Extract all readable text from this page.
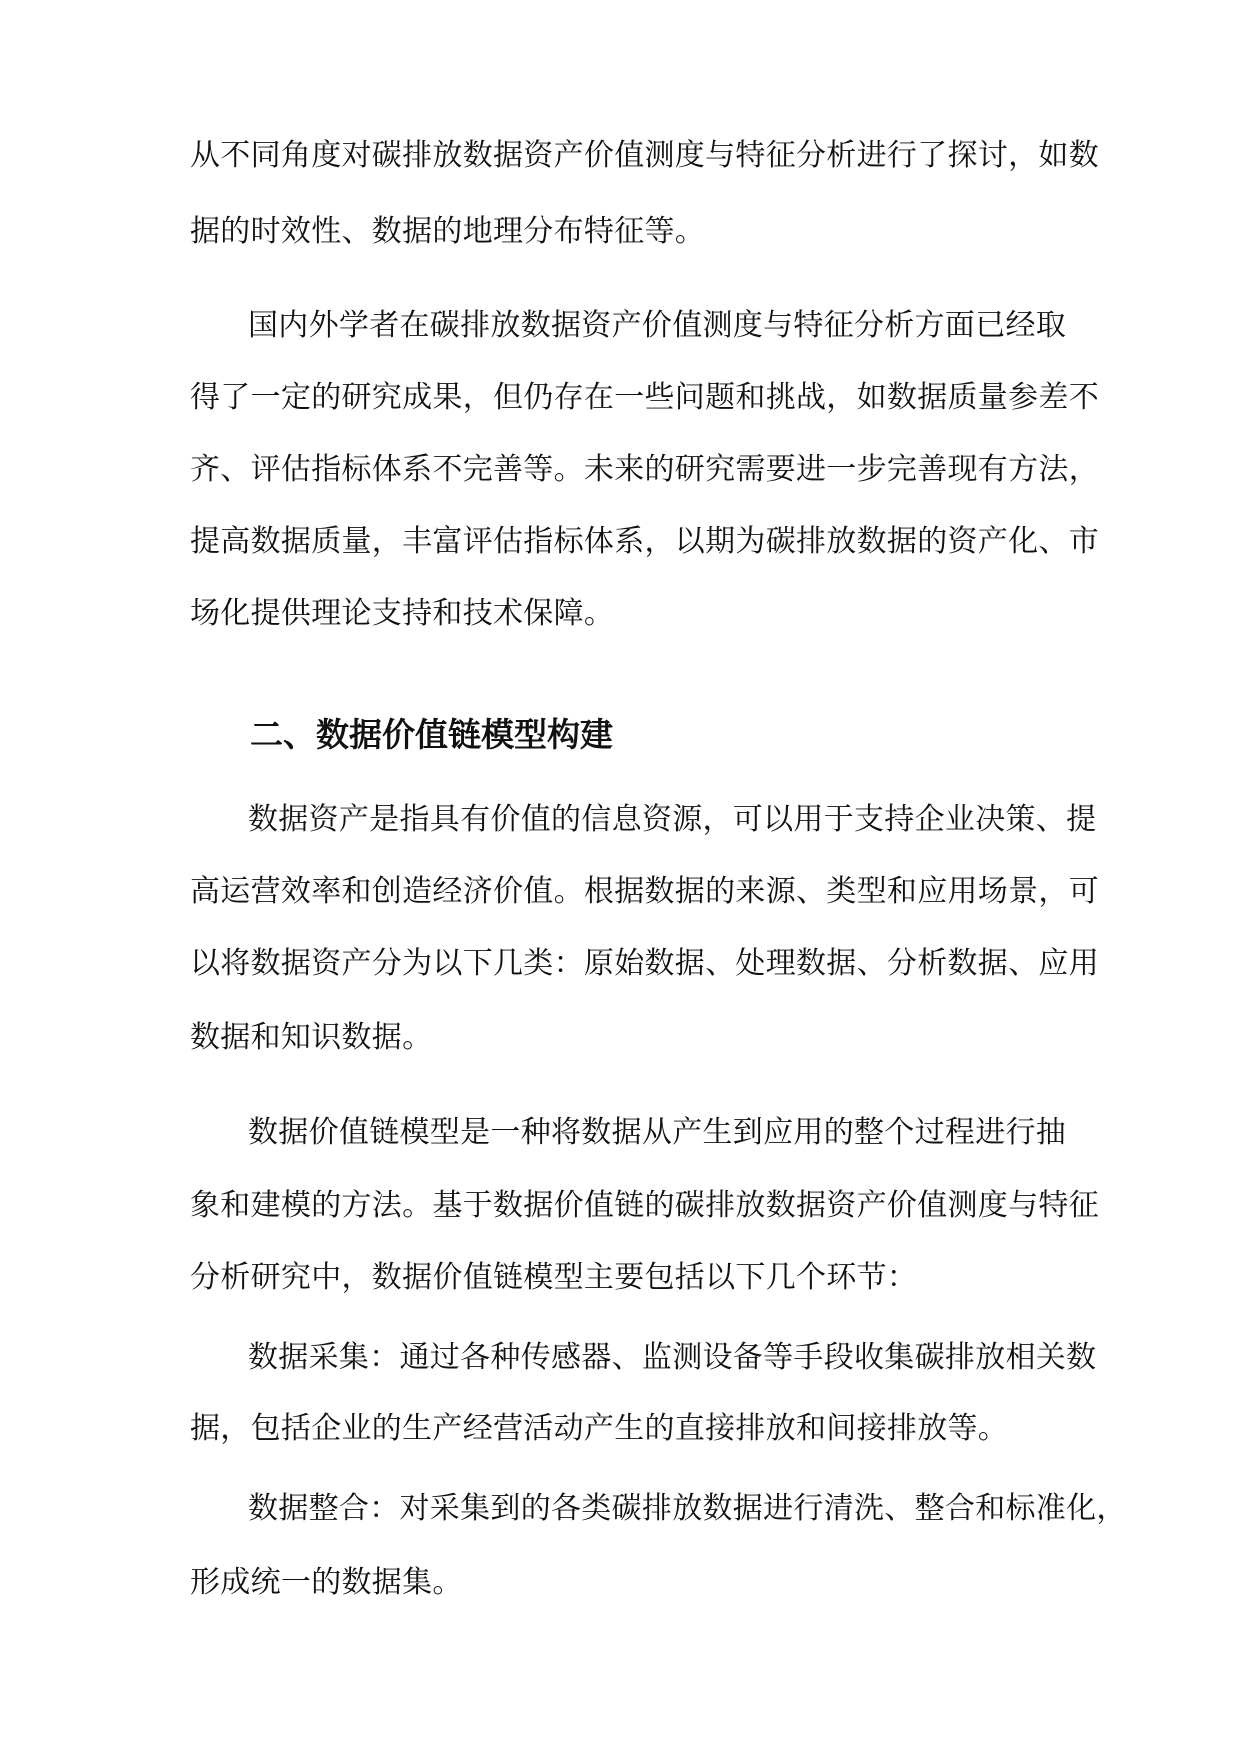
从不同角度对碳排放数据资产价值测度与特征分析进行了探讨，如数
据的时效性、数据的地理分布特征等。
国内外学者在碳排放数据资产价值测度与特征分析方面已经取
得了一定的研究成果，但仍存在一些问题和挑战，如数据质量参差不
齐、评估指标体系不完善等。未来的研究需要进一步完善现有方法，
提高数据质量，丰富评估指标体系，以期为碳排放数据的资产化、市
场化提供理论支持和技术保障。
二、数据价值链模型构建
数据资产是指具有价值的信息资源，可以用于支持企业决策、提
高运营效率和创造经济价值。根据数据的来源、类型和应用场景，可
以将数据资产分为以下几类：原始数据、处理数据、分析数据、应用
数据和知识数据。
数据价值链模型是一种将数据从产生到应用的整个过程进行抽
象和建模的方法。基于数据价值链的碳排放数据资产价值测度与特征
分析研究中，数据价值链模型主要包括以下几个环节：
数据采集：通过各种传感器、监测设备等手段收集碳排放相关数
据，包括企业的生产经营活动产生的直接排放和间接排放等。
数据整合：对采集到的各类碳排放数据进行清洗、整合和标准化，
形成统一的数据集。
